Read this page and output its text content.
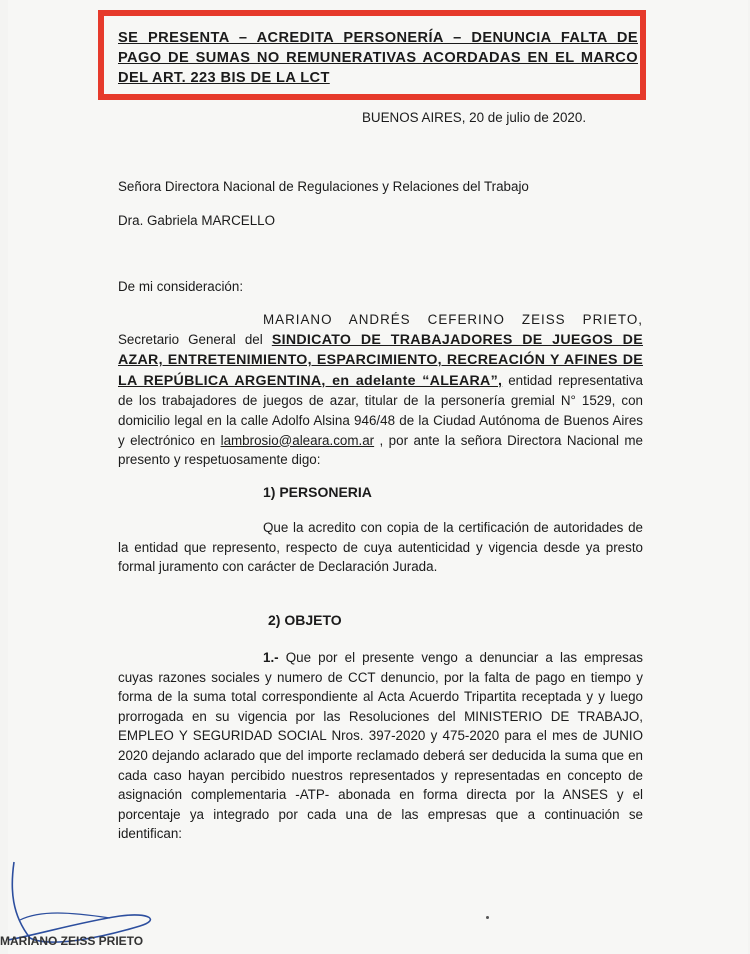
SE PRESENTA – ACREDITA PERSONERÍA – DENUNCIA FALTA DE PAGO DE SUMAS NO REMUNERATIVAS ACORDADAS EN EL MARCO DEL ART. 223 BIS DE LA LCT
BUENOS AIRES, 20 de julio de 2020.
Señora Directora Nacional de Regulaciones y Relaciones del Trabajo
Dra. Gabriela MARCELLO
De mi consideración:
MARIANO ANDRÉS CEFERINO ZEISS PRIETO, Secretario General del SINDICATO DE TRABAJADORES DE JUEGOS DE AZAR, ENTRETENIMIENTO, ESPARCIMIENTO, RECREACIÓN Y AFINES DE LA REPÚBLICA ARGENTINA, en adelante “ALEARA”, entidad representativa de los trabajadores de juegos de azar, titular de la personería gremial N° 1529, con domicilio legal en la calle Adolfo Alsina 946/48 de la Ciudad Autónoma de Buenos Aires y electrónico en lambrosio@aleara.com.ar , por ante la señora Directora Nacional me presento y respetuosamente digo:
1) PERSONERIA
Que la acredito con copia de la certificación de autoridades de la entidad que represento, respecto de cuya autenticidad y vigencia desde ya presto formal juramento con carácter de Declaración Jurada.
2) OBJETO
1.- Que por el presente vengo a denunciar a las empresas cuyas razones sociales y numero de CCT denuncio, por la falta de pago en tiempo y forma de la suma total correspondiente al Acta Acuerdo Tripartita receptada y y luego prorrogada en su vigencia por las Resoluciones del MINISTERIO DE TRABAJO, EMPLEO Y SEGURIDAD SOCIAL Nros. 397-2020 y 475-2020 para el mes de JUNIO 2020 dejando aclarado que del importe reclamado deberá ser deducida la suma que en cada caso hayan percibido nuestros representados y representadas en concepto de asignación complementaria -ATP- abonada en forma directa por la ANSES y el porcentaje ya integrado por cada una de las empresas que a continuación se identifican:
MARIANO ZEISS PRIETO
